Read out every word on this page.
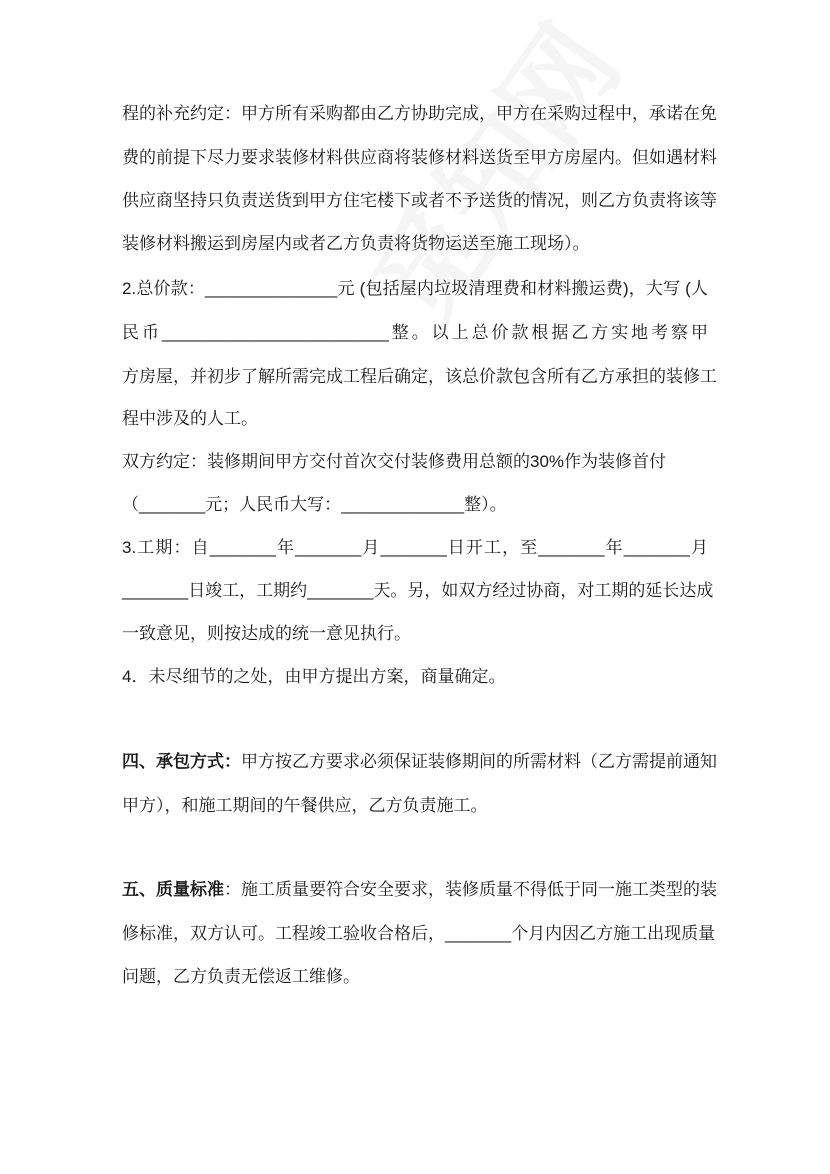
程的补充约定：甲方所有采购都由乙方协助完成，甲方在采购过程中，承诺在免
费的前提下尽力要求装修材料供应商将装修材料送货至甲方房屋内。但如遇材料
供应商坚持只负责送货到甲方住宅楼下或者不予送货的情况，则乙方负责将该等
装修材料搬运到房屋内或者乙方负责将货物运送至施工现场）。
2.总价款：______________元 (包括屋内垃圾清理费和材料搬运费)，大写 (人
民币________________________整。以上总价款根据乙方实地考察甲
方房屋，并初步了解所需完成工程后确定，该总价款包含所有乙方承担的装修工
程中涉及的人工。
双方约定：装修期间甲方交付首次交付装修费用总额的30%作为装修首付
（_______元；人民币大写：_____________整）。
3.工期：自_______年_______月_______日开工，至_______年_______月
_______日竣工，工期约_______天。另，如双方经过协商，对工期的延长达成
一致意见，则按达成的统一意见执行。
4．未尽细节的之处，由甲方提出方案，商量确定。
四、承包方式：甲方按乙方要求必须保证装修期间的所需材料（乙方需提前通知
甲方），和施工期间的午餐供应，乙方负责施工。
五、质量标准：施工质量要符合安全要求，装修质量不得低于同一施工类型的装
修标准，双方认可。工程竣工验收合格后，_______个月内因乙方施工出现质量
问题，乙方负责无偿返工维修。
